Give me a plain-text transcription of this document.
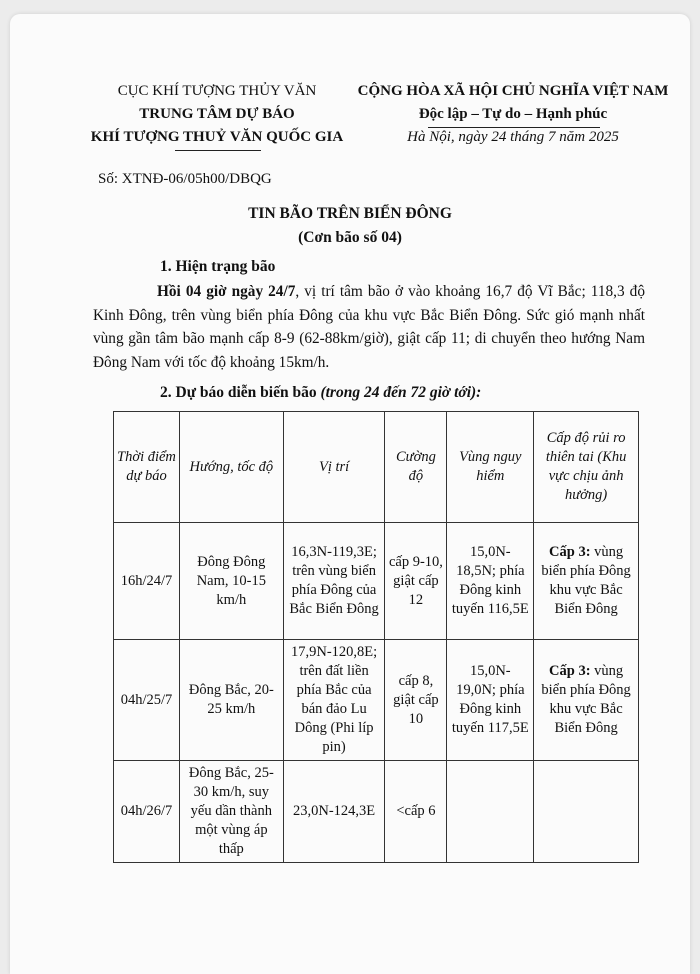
CỤC KHÍ TƯỢNG THỦY VĂN
TRUNG TÂM DỰ BÁO
KHÍ TƯỢNG THUỶ VĂN QUỐC GIA
Số: XTNĐ-06/05h00/DBQG
CỘNG HÒA XÃ HỘI CHỦ NGHĨA VIỆT NAM
Độc lập – Tự do – Hạnh phúc
Hà Nội, ngày 24 tháng 7 năm 2025
TIN BÃO TRÊN BIỂN ĐÔNG
(Cơn bão số 04)
1. Hiện trạng bão
Hồi 04 giờ ngày 24/7, vị trí tâm bão ở vào khoảng 16,7 độ Vĩ Bắc; 118,3 độ Kinh Đông, trên vùng biển phía Đông của khu vực Bắc Biển Đông. Sức gió mạnh nhất vùng gần tâm bão mạnh cấp 8-9 (62-88km/giờ), giật cấp 11; di chuyển theo hướng Nam Đông Nam với tốc độ khoảng 15km/h.
2. Dự báo diễn biến bão (trong 24 đến 72 giờ tới):
Thời điểm dự báo	Hướng, tốc độ	Vị trí	Cường độ	Vùng nguy hiểm	Cấp độ rủi ro thiên tai (Khu vực chịu ảnh hưởng)
16h/24/7	Đông Đông Nam, 10-15 km/h	16,3N-119,3E; trên vùng biển phía Đông của Bắc Biển Đông	cấp 9-10, giật cấp 12	15,0N-18,5N; phía Đông kinh tuyến 116,5E	Cấp 3: vùng biển phía Đông khu vực Bắc Biển Đông
04h/25/7	Đông Bắc, 20-25 km/h	17,9N-120,8E; trên đất liền phía Bắc của bán đảo Lu Dông (Phi líp pin)	cấp 8, giật cấp 10	15,0N-19,0N; phía Đông kinh tuyến 117,5E	Cấp 3: vùng biển phía Đông khu vực Bắc Biển Đông
04h/26/7	Đông Bắc, 25-30 km/h, suy yếu dần thành một vùng áp thấp	23,0N-124,3E	<cấp 6		
